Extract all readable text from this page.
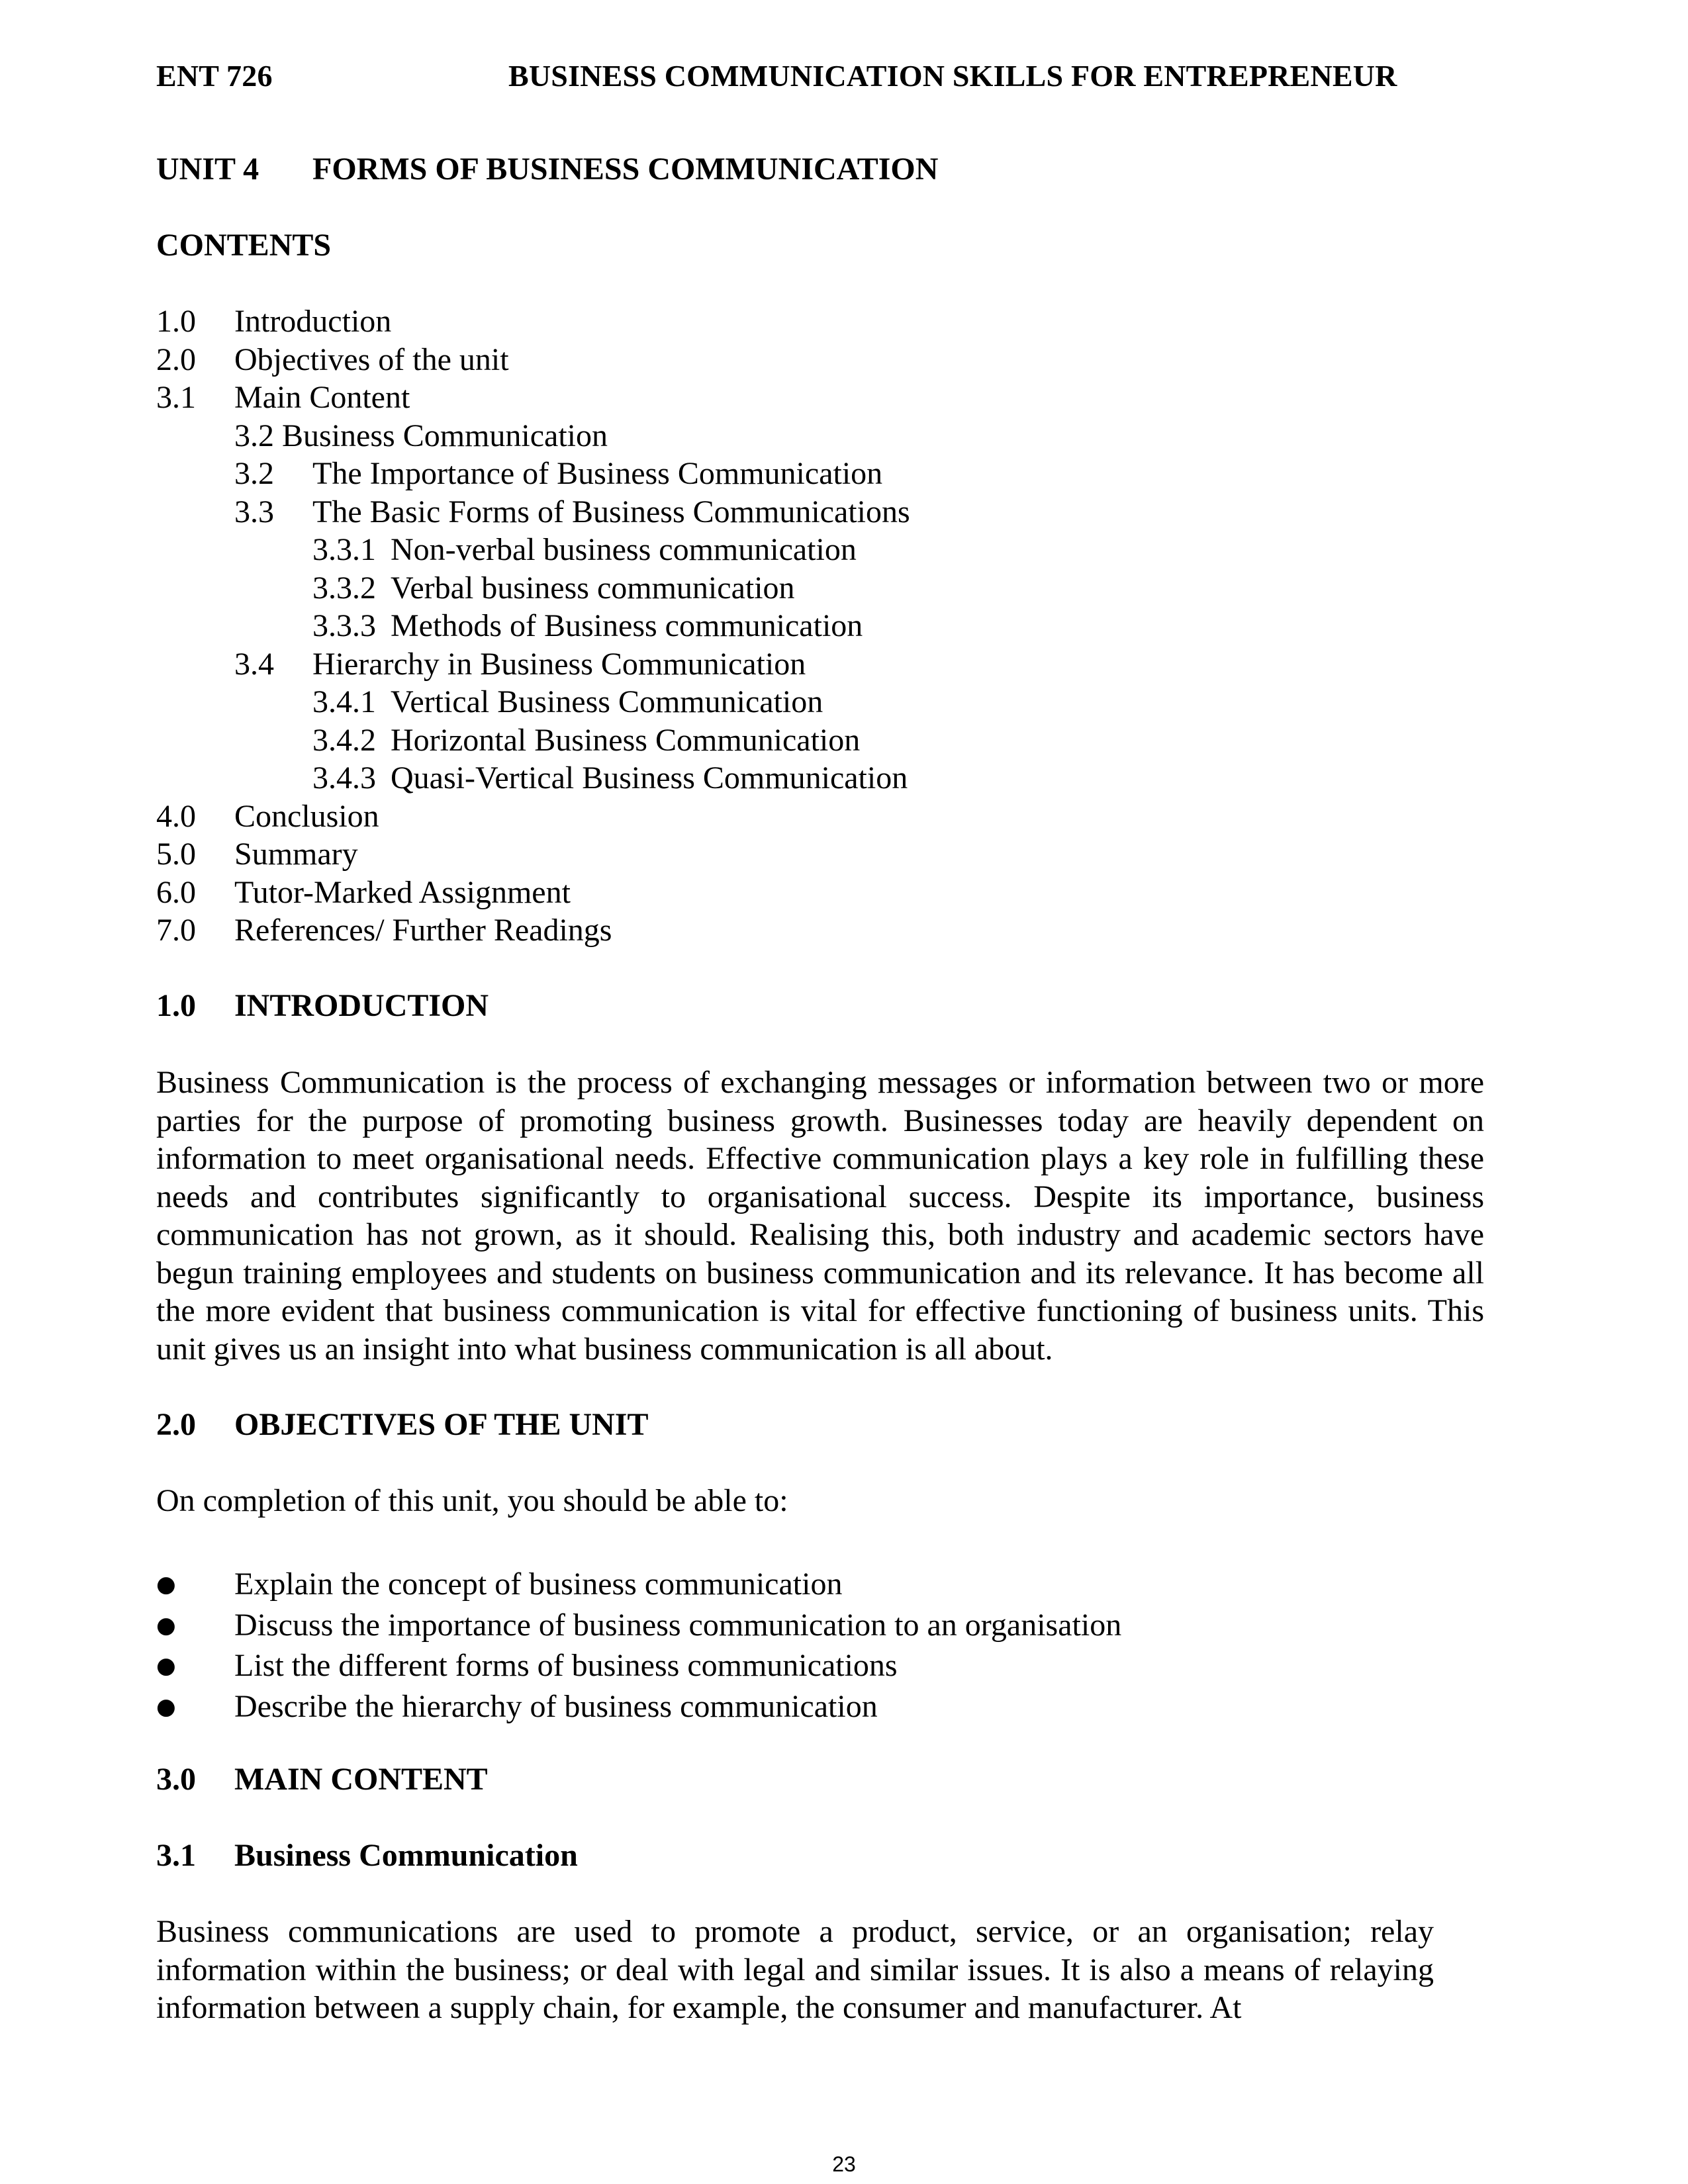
ENT 726	BUSINESS COMMUNICATION SKILLS FOR ENTREPRENEUR
UNIT 4 FORMS OF BUSINESS COMMUNICATION
CONTENTS
1.0 Introduction
2.0 Objectives of the unit
3.1 Main Content
3.2 Business Communication
3.2 The Importance of Business Communication
3.3 The Basic Forms of Business Communications
3.3.1 Non-verbal business communication
3.3.2 Verbal business communication
3.3.3 Methods of Business communication
3.4 Hierarchy in Business Communication
3.4.1 Vertical Business Communication
3.4.2 Horizontal Business Communication
3.4.3 Quasi-Vertical Business Communication
4.0 Conclusion
5.0 Summary
6.0 Tutor-Marked Assignment
7.0 References/ Further Readings
1.0 INTRODUCTION
Business Communication is the process of exchanging messages or information between two or more parties for the purpose of promoting business growth. Businesses today are heavily dependent on information to meet organisational needs. Effective communication plays a key role in fulfilling these needs and contributes significantly to organisational success. Despite its importance, business communication has not grown, as it should. Realising this, both industry and academic sectors have begun training employees and students on business communication and its relevance. It has become all the more evident that business communication is vital for effective functioning of business units. This unit gives us an insight into what business communication is all about.
2.0 OBJECTIVES OF THE UNIT
On completion of this unit, you should be able to:
● Explain the concept of business communication
● Discuss the importance of business communication to an organisation
● List the different forms of business communications
● Describe the hierarchy of business communication
3.0 MAIN CONTENT
3.1 Business Communication
Business communications are used to promote a product, service, or an organisation; relay information within the business; or deal with legal and similar issues. It is also a means of relaying information between a supply chain, for example, the consumer and manufacturer. At
23
